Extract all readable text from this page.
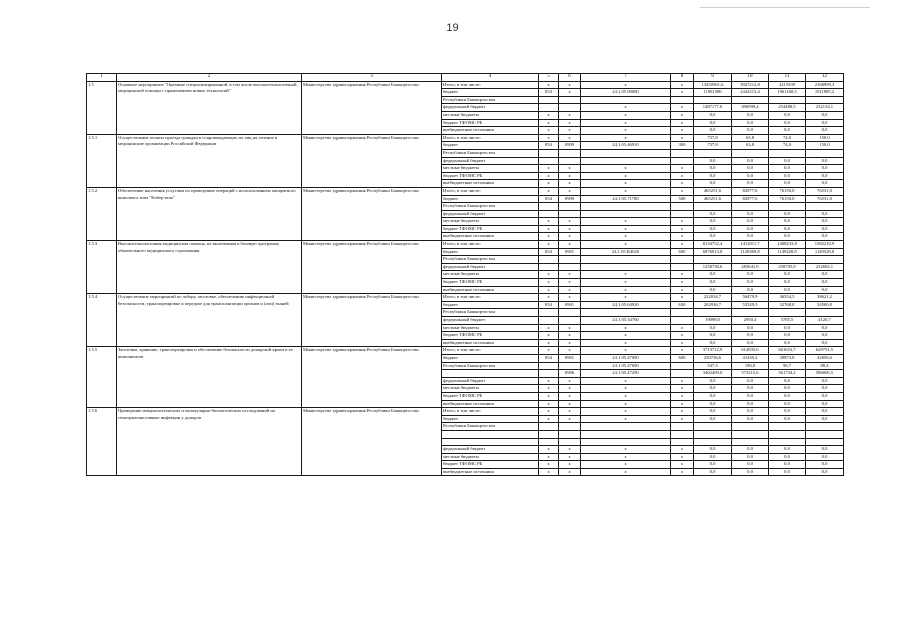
19
1	2	3	4	5	6	7	8	9	10	11	12
1.5	Основное мероприятие "Оказание специализированной, в том числе высокотехнологичной, медицинской помощи с применением новых технологий"	Министерство здравоохранения Республики Башкортостан	Итого, в том числе:	х	х	х	х	13450961,6	3927212,8	2215939	2168999,3
			бюджет	854	х	24.1.05.00000	х	11961586	2442213,4	1961168,5	1911885,2
			Республики Башкортостан								
			федеральный бюджет			х	х	1487177,6	496999,4	254480,5	232134,1
			местные бюджеты	х	х	х	х	0,0	0,0	0,0	0,0
			бюджет ТФОМС РБ	х	х	х	х	0,0	0,0	0,0	0,0
			внебюджетные источники	х	х	х	х	0,0	0,0	0,0	0,0
1.5.1	Осуществление оплаты проезда граждан в сопровождающих их лиц на лечение в медицинские организации Российской Федерации	Министерство здравоохранения Республики Башкортостан	Итого, в том числе:	х	х	х	х	737,8	63,8	74,0	150,0
			бюджет	854	0909	24.1.05.46910	300	737,8	63,8	74,0	150,0
			Республики Башкортостан								
			федеральный бюджет					0,0	0,0	0,0	0,0
			местные бюджеты	х	х	х	х	0,0	0,0	0,0	0,0
			бюджет ТФОМС РБ	х	х	х	х	0,0	0,0	0,0	0,0
			внебюджетные источники	х	х	х	х	0,0	0,0	0,0	0,0
1.5.2	Обеспечение населения услугами по проведению операций с использованием аппаратного комплекса типа "Кибер-нож"	Министерство здравоохранения Республики Башкортостан	Итого, в том числе:	х	х	х	х	465251,6	82977,6	76150,0	76531,0
			бюджет	854	0909	24.1.05.71780	500	465251,6	82977,6	76150,0	76531,0
			Республики Башкортостан								
			федеральный бюджет					0,0	0,0	0,0	0,0
			местные бюджеты	х	х	х	х	0,0	0,0	0,0	0,0
			бюджет ТФОМС РБ	х	х	х	х	0,0	0,0	0,0	0,0
			внебюджетные источники	х	х	х	х	0,0	0,0	0,0	0,0
1.5.3	Высокотехнологичная медицинская помощь, не включенная в базовую программу обязательного медицинского страхования	Министерство здравоохранения Республики Башкортостан	Итого, в том числе:	х	х	х	х	8134752,4	1412011,7	1408233,8	1382210,9
			бюджет	854	0901	24.1.05.R4020	600	6876013,8	1128369,8	1149428,8	1149528,8
			Республики Башкортостан								
			федеральный бюджет					1258738,6	283641,9	258705,0	232682,1
			местные бюджеты	х	х	х	х	0,0	0,0	0,0	0,0
			бюджет ТФОМС РБ	х	х	х	х	0,0	0,0	0,0	0,0
			внебюджетные источники	х	х	х	х	0,0	0,0	0,0	0,0
1.5.4	Осуществление мероприятий по забору, заготовке, обеспечению инфекционной безопасности, транспортировке и передаче для трансплантации органов и (или) тканей	Министерство здравоохранения Республики Башкортостан	Итого, в том числе:	х	х	х	х	222034,7	56479,9	36554,5	38621,2
			бюджет	854	0901	24.1.05.64920	630	202936,7	53529,5	32768,0	34500,8
			Республики Башкортостан								
			федеральный бюджет			24.1.05.34760		19098,0	2950,4	3785,5	4120,7
			местные бюджеты	х	х	х	х	0,0	0,0	0,0	0,0
			бюджет ТФОМС РБ	х	х	х	х	0,0	0,0	0,0	0,0
			внебюджетные источники	х	х	х	х	0,0	0,0	0,0	0,0
1.5.5	Заготовка, хранение, транспортировка и обеспечение безопасности донорской крови и ее компонентов	Министерство здравоохранения Республики Башкортостан	Итого, в том числе:	х	х	х	х	3713712,9	614935,6	601653,7	629751,5
			бюджет	854	0901	24.1.05.47090	600	250756,6	41439,2	39873,8	42856,6
			Республики Башкортостан			24.1.05.47690		547,3	190,8	96,7	88,4
					0906	24.1.05.47290		3462409,0	573215,6	561734,2	586806,5
			федеральный бюджет	х	х	х	х	0,0	0,0	0,0	0,0
			местные бюджеты	х	х	х	х	0,0	0,0	0,0	0,0
			бюджет ТФОМС РБ	х	х	х	х	0,0	0,0	0,0	0,0
			внебюджетные источники	х	х	х	х	0,0	0,0	0,0	0,0
1.5.6	Проведение иммунологических и молекулярно-биологических исследований на гемотрансмиссивные инфекции у доноров	Министерство здравоохранения Республики Башкортостан	Итого, в том числе:	х	х	х	х	0,0	0,0	0,0	0,0
			бюджет	х	х	х	х	0,0	0,0	0,0	0,0
			Республики Башкортостан								

			федеральный бюджет	х	х	х	х	0,0	0,0	0,0	0,0
			местные бюджеты	х	х	х	х	0,0	0,0	0,0	0,0
			бюджет ТФОМС РБ	х	х	х	х	0,0	0,0	0,0	0,0
			внебюджетные источники	х	х	х	х	0,0	0,0	0,0	0,0
